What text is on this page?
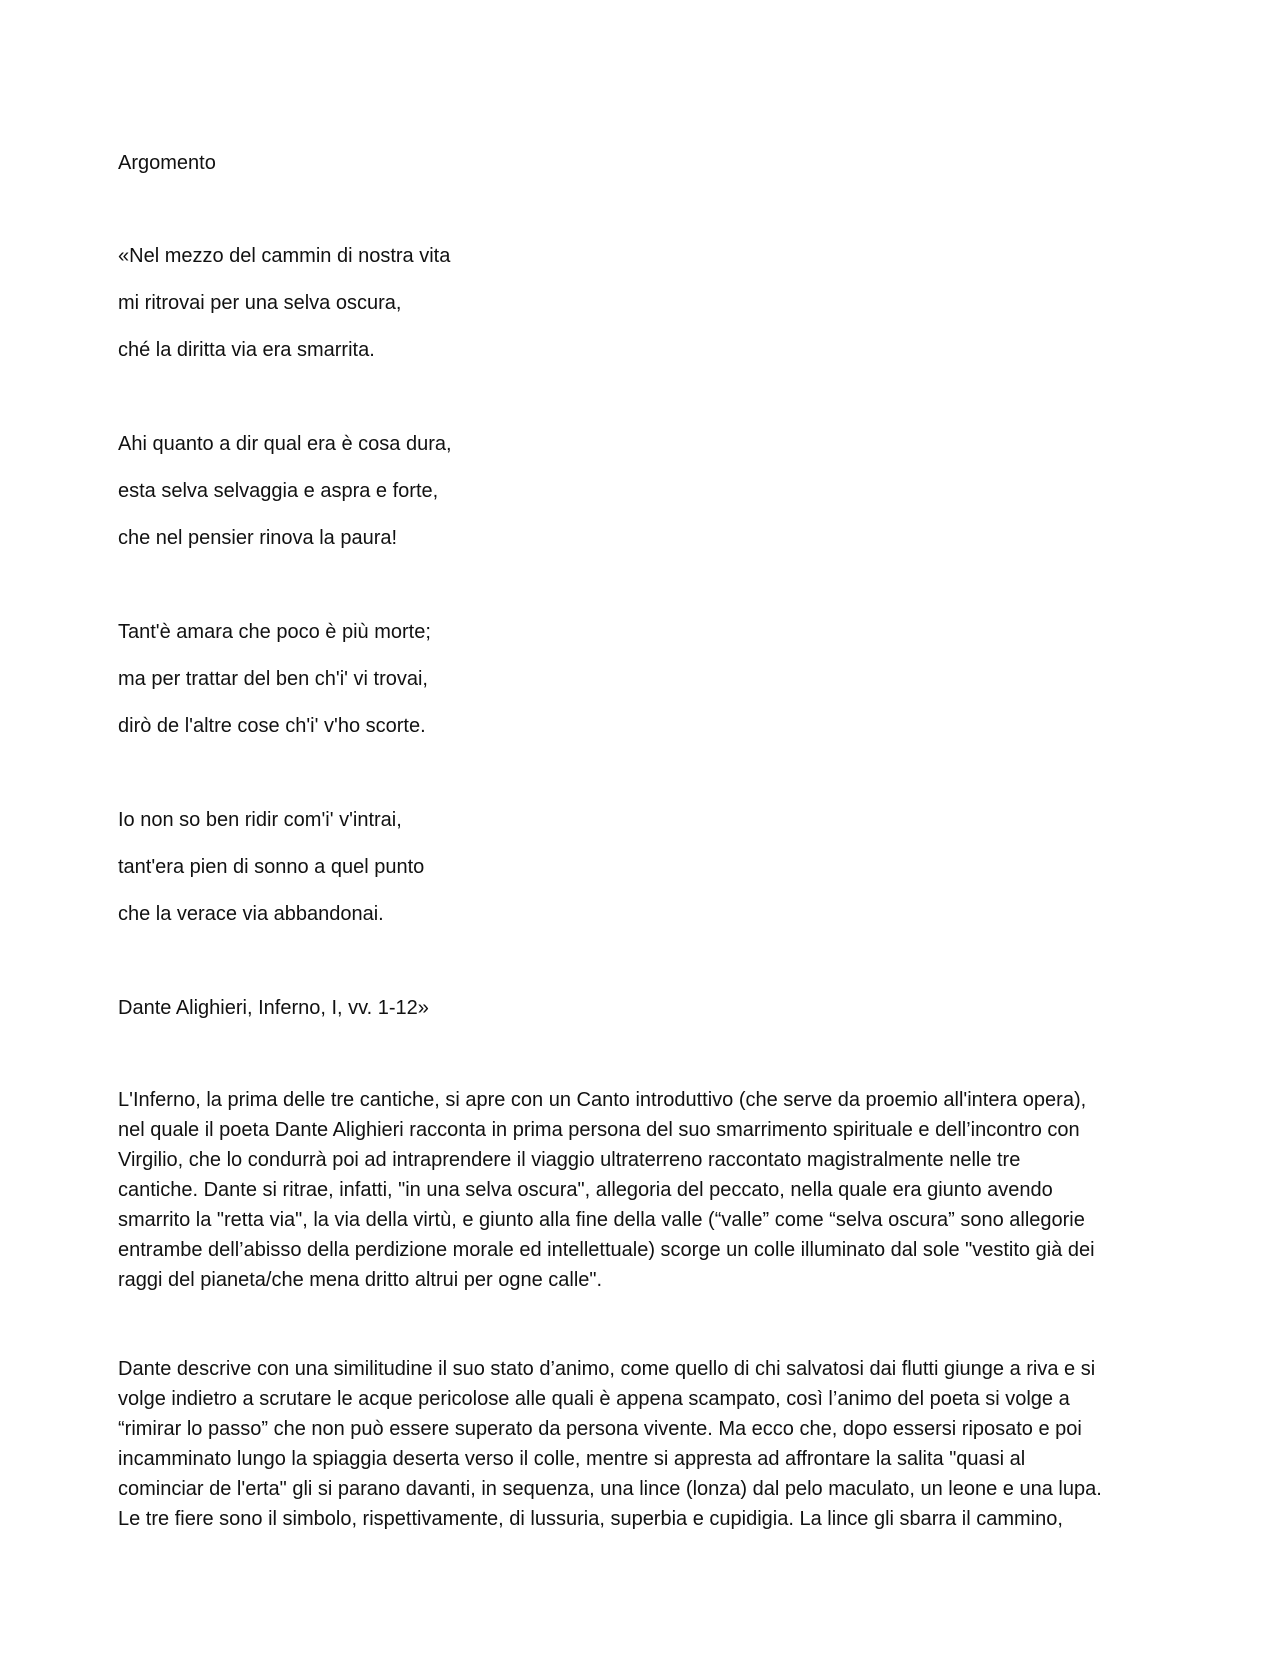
Argomento
«Nel mezzo del cammin di nostra vita
mi ritrovai per una selva oscura,
ché la diritta via era smarrita.
Ahi quanto a dir qual era è cosa dura,
esta selva selvaggia e aspra e forte,
che nel pensier rinova la paura!
Tant'è amara che poco è più morte;
ma per trattar del ben ch'i' vi trovai,
dirò de l'altre cose ch'i' v'ho scorte.
Io non so ben ridir com'i' v'intrai,
tant'era pien di sonno a quel punto
che la verace via abbandonai.
Dante Alighieri, Inferno, I, vv. 1-12»
L'Inferno, la prima delle tre cantiche, si apre con un Canto introduttivo (che serve da proemio all'intera opera),
nel quale il poeta Dante Alighieri racconta in prima persona del suo smarrimento spirituale e dell’incontro con
Virgilio, che lo condurrà poi ad intraprendere il viaggio ultraterreno raccontato magistralmente nelle tre
cantiche. Dante si ritrae, infatti, "in una selva oscura", allegoria del peccato, nella quale era giunto avendo
smarrito la "retta via", la via della virtù, e giunto alla fine della valle (“valle” come “selva oscura” sono allegorie
entrambe dell’abisso della perdizione morale ed intellettuale) scorge un colle illuminato dal sole "vestito già dei
raggi del pianeta/che mena dritto altrui per ogne calle".
Dante descrive con una similitudine il suo stato d’animo, come quello di chi salvatosi dai flutti giunge a riva e si
volge indietro a scrutare le acque pericolose alle quali è appena scampato, così l’animo del poeta si volge a
“rimirar lo passo” che non può essere superato da persona vivente. Ma ecco che, dopo essersi riposato e poi
incamminato lungo la spiaggia deserta verso il colle, mentre si appresta ad affrontare la salita "quasi al
cominciar de l'erta" gli si parano davanti, in sequenza, una lince (lonza) dal pelo maculato, un leone e una lupa.
Le tre fiere sono il simbolo, rispettivamente, di lussuria, superbia e cupidigia. La lince gli sbarra il cammino,
